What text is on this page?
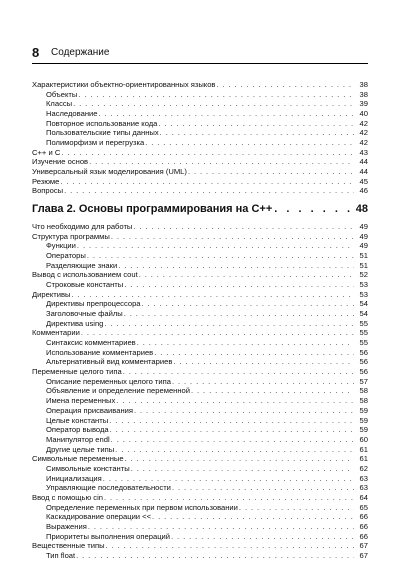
8 Содержание
Характеристики объектно-ориентированных языков . . .	38
Объекты . . .	38
Классы . . .	39
Наследование . . .	40
Повторное использование кода . . .	42
Пользовательские типы данных . . .	42
Полиморфизм и перегрузка . . .	42
C++ и C . . .	43
Изучение основ . . .	44
Универсальный язык моделирования (UML) . . .	44
Резюме . . .	45
Вопросы . . .	46
Глава 2. Основы программирования на C++ . . .	48
Что необходимо для работы . . .	49
Структура программы . . .	49
Функции . . .	49
Операторы . . .	51
Разделяющие знаки . . .	51
Вывод с использованием cout . . .	52
Строковые константы . . .	53
Директивы . . .	53
Директивы препроцессора . . .	54
Заголовочные файлы . . .	54
Директива using . . .	55
Комментарии . . .	55
Синтаксис комментариев . . .	55
Использование комментариев . . .	56
Альтернативный вид комментариев . . .	56
Переменные целого типа . . .	56
Описание переменных целого типа . . .	57
Объявление и определение переменной . . .	58
Имена переменных . . .	58
Операция присваивания . . .	59
Целые константы . . .	59
Оператор вывода . . .	59
Манипулятор endl . . .	60
Другие целые типы . . .	61
Символьные переменные . . .	61
Символьные константы . . .	62
Инициализация . . .	63
Управляющие последовательности . . .	63
Ввод с помощью cin . . .	64
Определение переменных при первом использовании . . .	65
Каскадирование операции << . . .	66
Выражения . . .	66
Приоритеты выполнения операций . . .	66
Вещественные типы . . .	67
Тип float . . .	67
